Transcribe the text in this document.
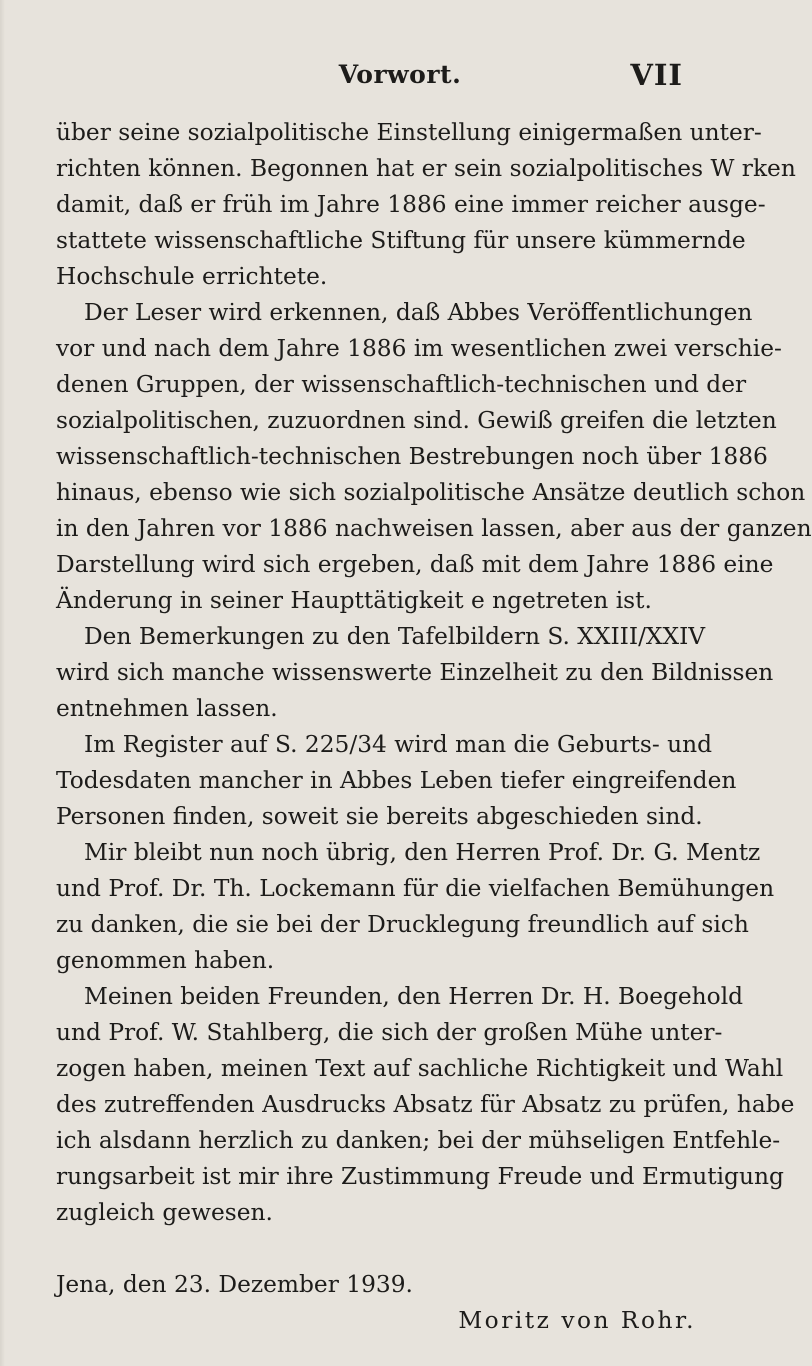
Vorwort.	VII
über seine sozialpolitische Einstellung einigermaßen unter-
richten können. Begonnen hat er sein sozialpolitisches W rken
damit, daß er früh im Jahre 1886 eine immer reicher ausge-
stattete wissenschaftliche Stiftung für unsere kümmernde
Hochschule errichtete.
Der Leser wird erkennen, daß Abbes Veröffentlichungen
vor und nach dem Jahre 1886 im wesentlichen zwei verschie-
denen Gruppen, der wissenschaftlich-technischen und der
sozialpolitischen, zuzuordnen sind. Gewiß greifen die letzten
wissenschaftlich-technischen Bestrebungen noch über 1886
hinaus, ebenso wie sich sozialpolitische Ansätze deutlich schon
in den Jahren vor 1886 nachweisen lassen, aber aus der ganzen
Darstellung wird sich ergeben, daß mit dem Jahre 1886 eine
Änderung in seiner Haupttätigkeit e ngetreten ist.
Den Bemerkungen zu den Tafelbildern S. XXIII/XXIV
wird sich manche wissenswerte Einzelheit zu den Bildnissen
entnehmen lassen.
Im Register auf S. 225/34 wird man die Geburts- und
Todesdaten mancher in Abbes Leben tiefer eingreifenden
Personen finden, soweit sie bereits abgeschieden sind.
Mir bleibt nun noch übrig, den Herren Prof. Dr. G. Mentz
und Prof. Dr. Th. Lockemann für die vielfachen Bemühungen
zu danken, die sie bei der Drucklegung freundlich auf sich
genommen haben.
Meinen beiden Freunden, den Herren Dr. H. Boegehold
und Prof. W. Stahlberg, die sich der großen Mühe unter-
zogen haben, meinen Text auf sachliche Richtigkeit und Wahl
des zutreffenden Ausdrucks Absatz für Absatz zu prüfen, habe
ich alsdann herzlich zu danken; bei der mühseligen Entfehle-
rungsarbeit ist mir ihre Zustimmung Freude und Ermutigung
zugleich gewesen.
Jena, den 23. Dezember 1939.
Moritz von Rohr.
